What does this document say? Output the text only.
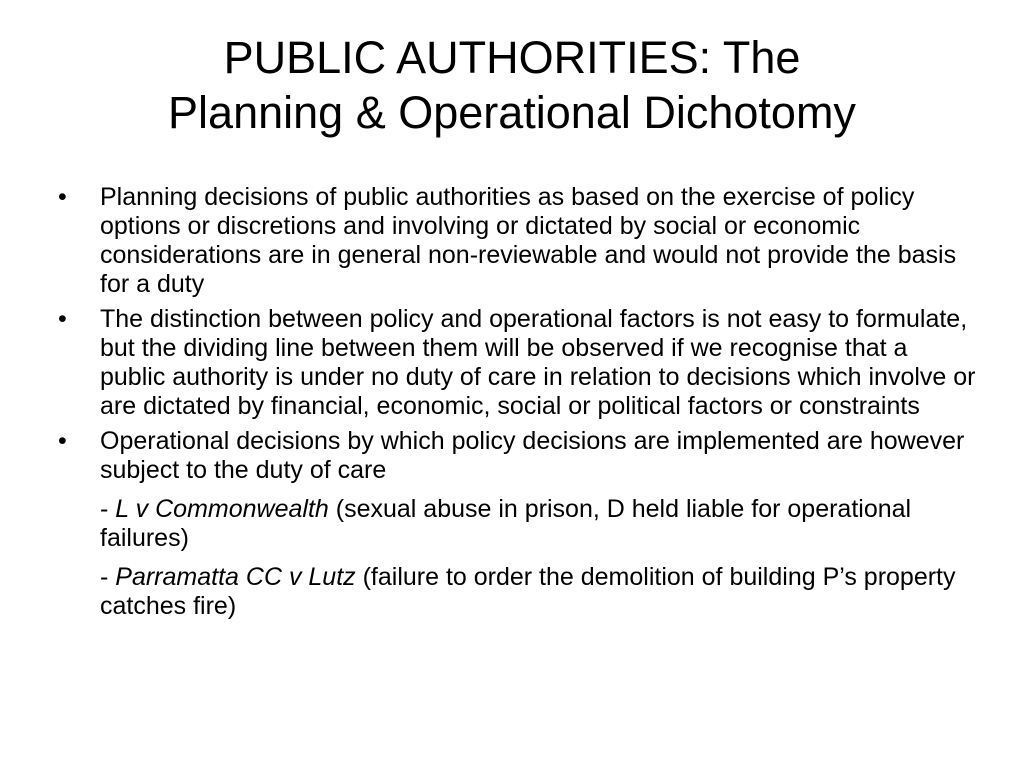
PUBLIC AUTHORITIES: The
Planning & Operational Dichotomy
•	Planning decisions of public authorities as based on the exercise of policy options or discretions and involving or dictated by social or economic considerations are in general non-reviewable and would not provide the basis for a duty
•	The distinction between policy and operational factors is not easy to formulate, but the dividing line between them will be observed if we recognise that a public authority is under no duty of care in relation to decisions which involve or are dictated by financial, economic, social or political factors or constraints
•	Operational decisions by which policy decisions are implemented are however subject to the duty of care
- L v Commonwealth (sexual abuse in prison, D held liable for operational failures)
- Parramatta CC v Lutz (failure to order the demolition of building P’s property catches fire)
